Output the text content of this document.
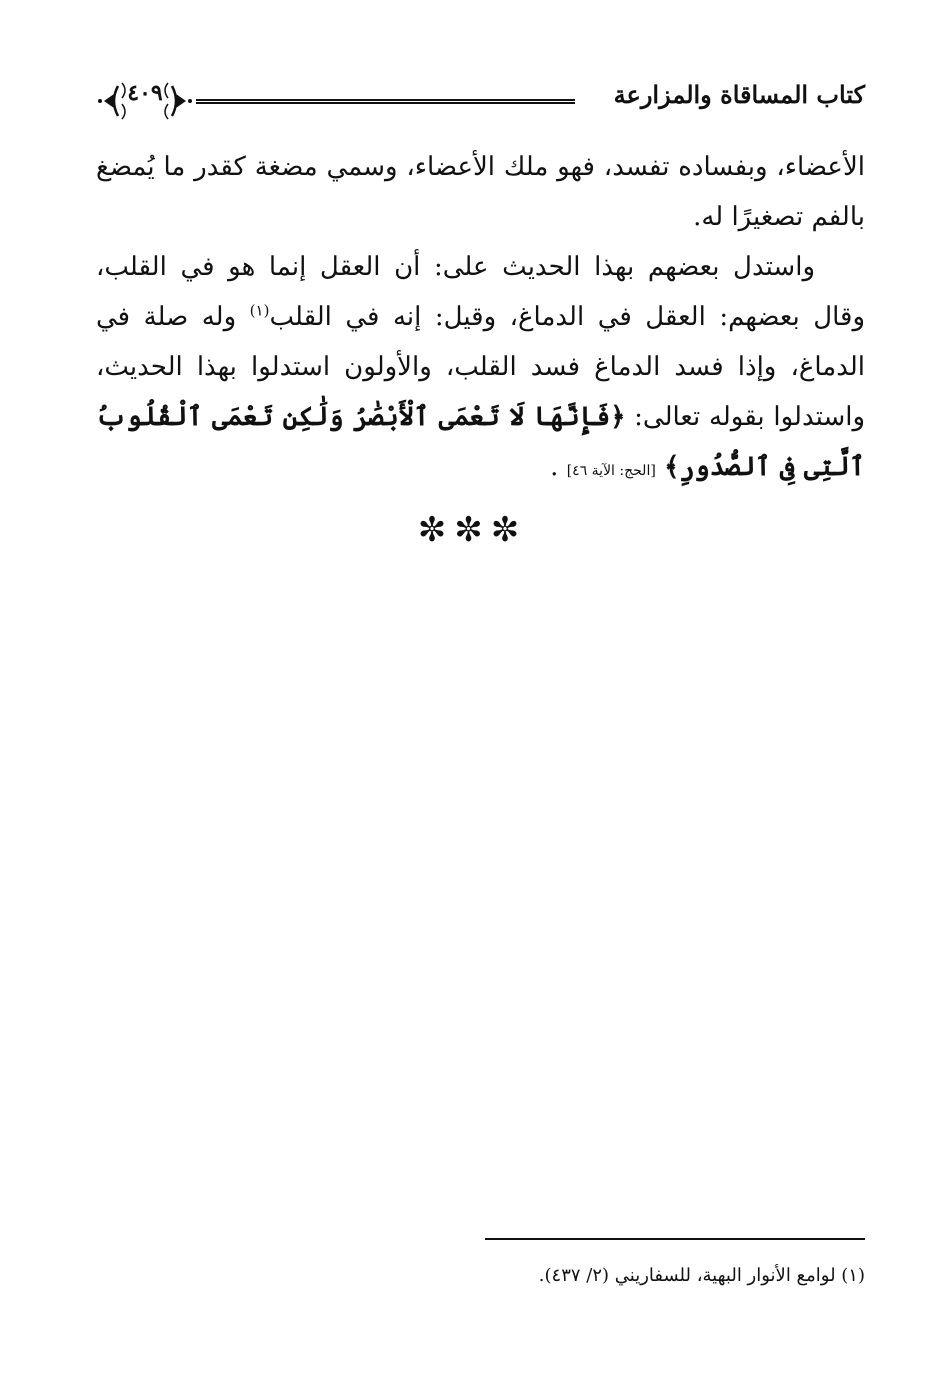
كتاب المساقاة والمزارعة
٤٠٩

الأعضاء، وبفساده تفسد، فهو ملك الأعضاء، وسمي مضغة كقدر ما يُمضغ بالفم تصغيرًا له.

واستدل بعضهم بهذا الحديث على: أن العقل إنما هو في القلب، وقال بعضهم: العقل في الدماغ، وقيل: إنه في القلب$^{(١)}$ وله صلة في الدماغ، وإذا فسد الدماغ فسد القلب، والأولون استدلوا بهذا الحديث، واستدلوا بقوله تعالى: ﴿فَإِنَّهَا لَا تَعْمَى ٱلْأَبْصَٰرُ وَلَٰكِن تَعْمَى ٱلْقُلُوبُ ٱلَّتِى فِى ٱلصُّدُورِ﴾ [الحج: الآية ٤٦] .

✼✼✼
(١) لوامع الأنوار البهية، للسفاريني (٢/ ٤٣٧).
